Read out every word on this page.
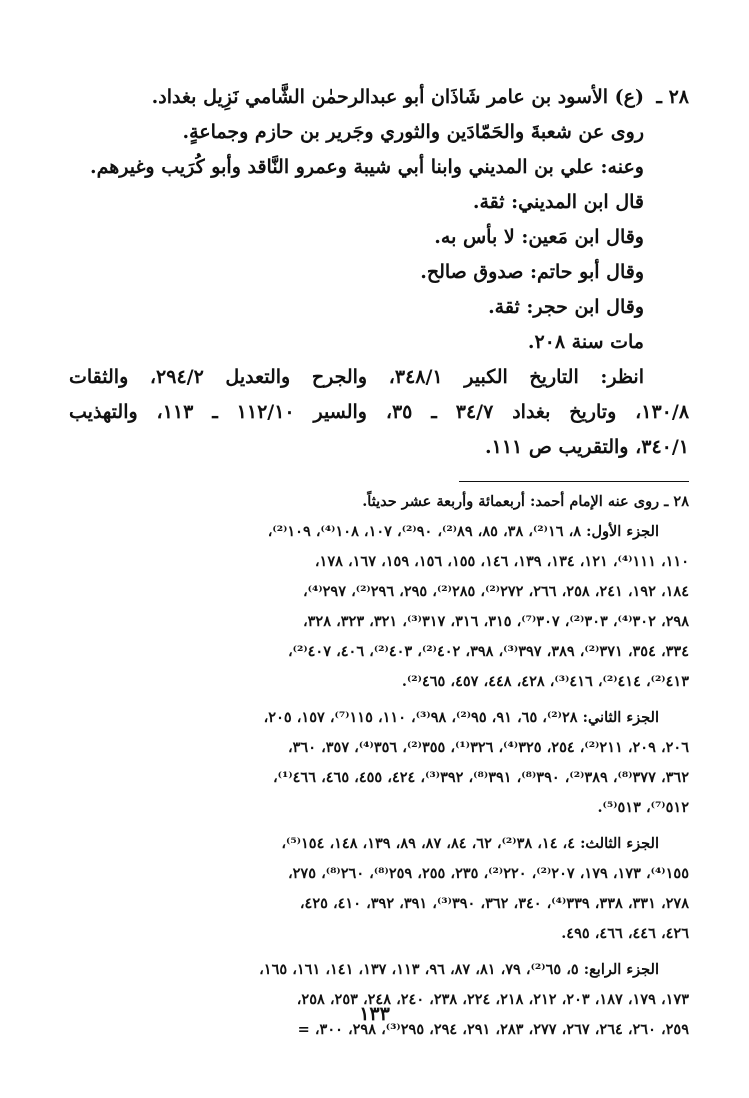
٢٨ ـ(ع) الأسود بن عامر شَاذَان أبو عبدالرحمٰن الشَّامي نَزِيل بغداد.
روى عن شعبةَ والحَمّادَين والثوري وجَرير بن حازم وجماعةٍ.
وعنه: علي بن المديني وابنا أبي شيبة وعمرو النَّاقد وأبو كُرَيب وغيرهم.
قال ابن المديني: ثقة.
وقال ابن مَعين: لا بأس به.
وقال أبو حاتم: صدوق صالح.
وقال ابن حجر: ثقة.
مات سنة ٢٠٨.
انظر: التاريخ الكبير ٣٤٨/١، والجرح والتعديل ٢٩٤/٢، والثقات
١٣٠/٨، وتاريخ بغداد ٣٤/٧ ـ ٣٥، والسير ١١٢/١٠ ـ ١١٣، والتهذيب
٣٤٠/١، والتقريب ص ١١١.
٢٨ ـ روى عنه الإمام أحمد: أربعمائة وأربعة عشر حديثاً.
الجزء الأول: ٨، ١٦⁽²⁾، ٣٨، ٨٥، ٨٩⁽²⁾، ٩٠⁽²⁾، ١٠٧، ١٠٨⁽⁴⁾، ١٠٩⁽²⁾،
١١٠، ١١١⁽⁴⁾، ١٢١، ١٣٤، ١٣٩، ١٤٦، ١٥٥، ١٥٦، ١٥٩، ١٦٧، ١٧٨،
١٨٤، ١٩٢، ٢٤١، ٢٥٨، ٢٦٦، ٢٧٢⁽²⁾، ٢٨٥⁽²⁾، ٢٩٥، ٢٩٦⁽²⁾، ٢٩٧⁽⁴⁾،
٢٩٨، ٣٠٢⁽⁴⁾، ٣٠٣⁽²⁾، ٣٠٧⁽⁷⁾، ٣١٥، ٣١٦، ٣١٧⁽³⁾، ٣٢١، ٣٢٣، ٣٢٨،
٣٣٤، ٣٥٤، ٣٧١⁽²⁾، ٣٨٩، ٣٩٧⁽³⁾، ٣٩٨، ٤٠٢⁽²⁾، ٤٠٣⁽²⁾، ٤٠٦، ٤٠٧⁽²⁾،
٤١٣⁽²⁾، ٤١٤⁽²⁾، ٤١٦⁽³⁾، ٤٢٨، ٤٤٨، ٤٥٧، ٤٦٥⁽²⁾.
الجزء الثاني: ٢٨⁽²⁾، ٦٥، ٩١، ٩٥⁽²⁾، ٩٨⁽³⁾، ١١٠، ١١٥⁽⁷⁾، ١٥٧، ٢٠٥،
٢٠٦، ٢٠٩، ٢١١⁽²⁾، ٢٥٤، ٣٢٥⁽⁴⁾، ٣٢٦⁽¹⁾، ٣٥٥⁽²⁾، ٣٥٦⁽⁴⁾، ٣٥٧، ٣٦٠،
٣٦٢، ٣٧٧⁽⁸⁾، ٣٨٩⁽²⁾، ٣٩٠⁽⁸⁾، ٣٩١⁽⁸⁾، ٣٩٢⁽³⁾، ٤٢٤، ٤٥٥، ٤٦٥، ٤٦٦⁽¹⁾،
٥١٢⁽⁷⁾، ٥١٣⁽⁵⁾.
الجزء الثالث: ٤، ١٤، ٣٨⁽²⁾، ٦٢، ٨٤، ٨٧، ٨٩، ١٣٩، ١٤٨، ١٥٤⁽⁵⁾،
١٥٥⁽⁴⁾، ١٧٣، ١٧٩، ٢٠٧⁽²⁾، ٢٢٠⁽²⁾، ٢٣٥، ٢٥٥، ٢٥٩⁽⁸⁾، ٢٦٠⁽⁸⁾، ٢٧٥،
٢٧٨، ٣٣١، ٣٣٨، ٣٣٩⁽⁴⁾، ٣٤٠، ٣٦٢، ٣٩٠⁽³⁾، ٣٩١، ٣٩٢، ٤١٠، ٤٢٥،
٤٢٦، ٤٤٦، ٤٦٦، ٤٩٥.
الجزء الرابع: ٥، ٦٥⁽²⁾، ٧٩، ٨١، ٨٧، ٩٦، ١١٣، ١٣٧، ١٤١، ١٦١، ١٦٥،
١٧٣، ١٧٩، ١٨٧، ٢٠٣، ٢١٢، ٢١٨، ٢٢٤، ٢٣٨، ٢٤٠، ٢٤٨، ٢٥٣، ٢٥٨،
٢٥٩، ٢٦٠، ٢٦٤، ٢٦٧، ٢٧٧، ٢٨٣، ٢٩١، ٢٩٤، ٢٩٥⁽³⁾، ٢٩٨، ٣٠٠، =
١٣٣
